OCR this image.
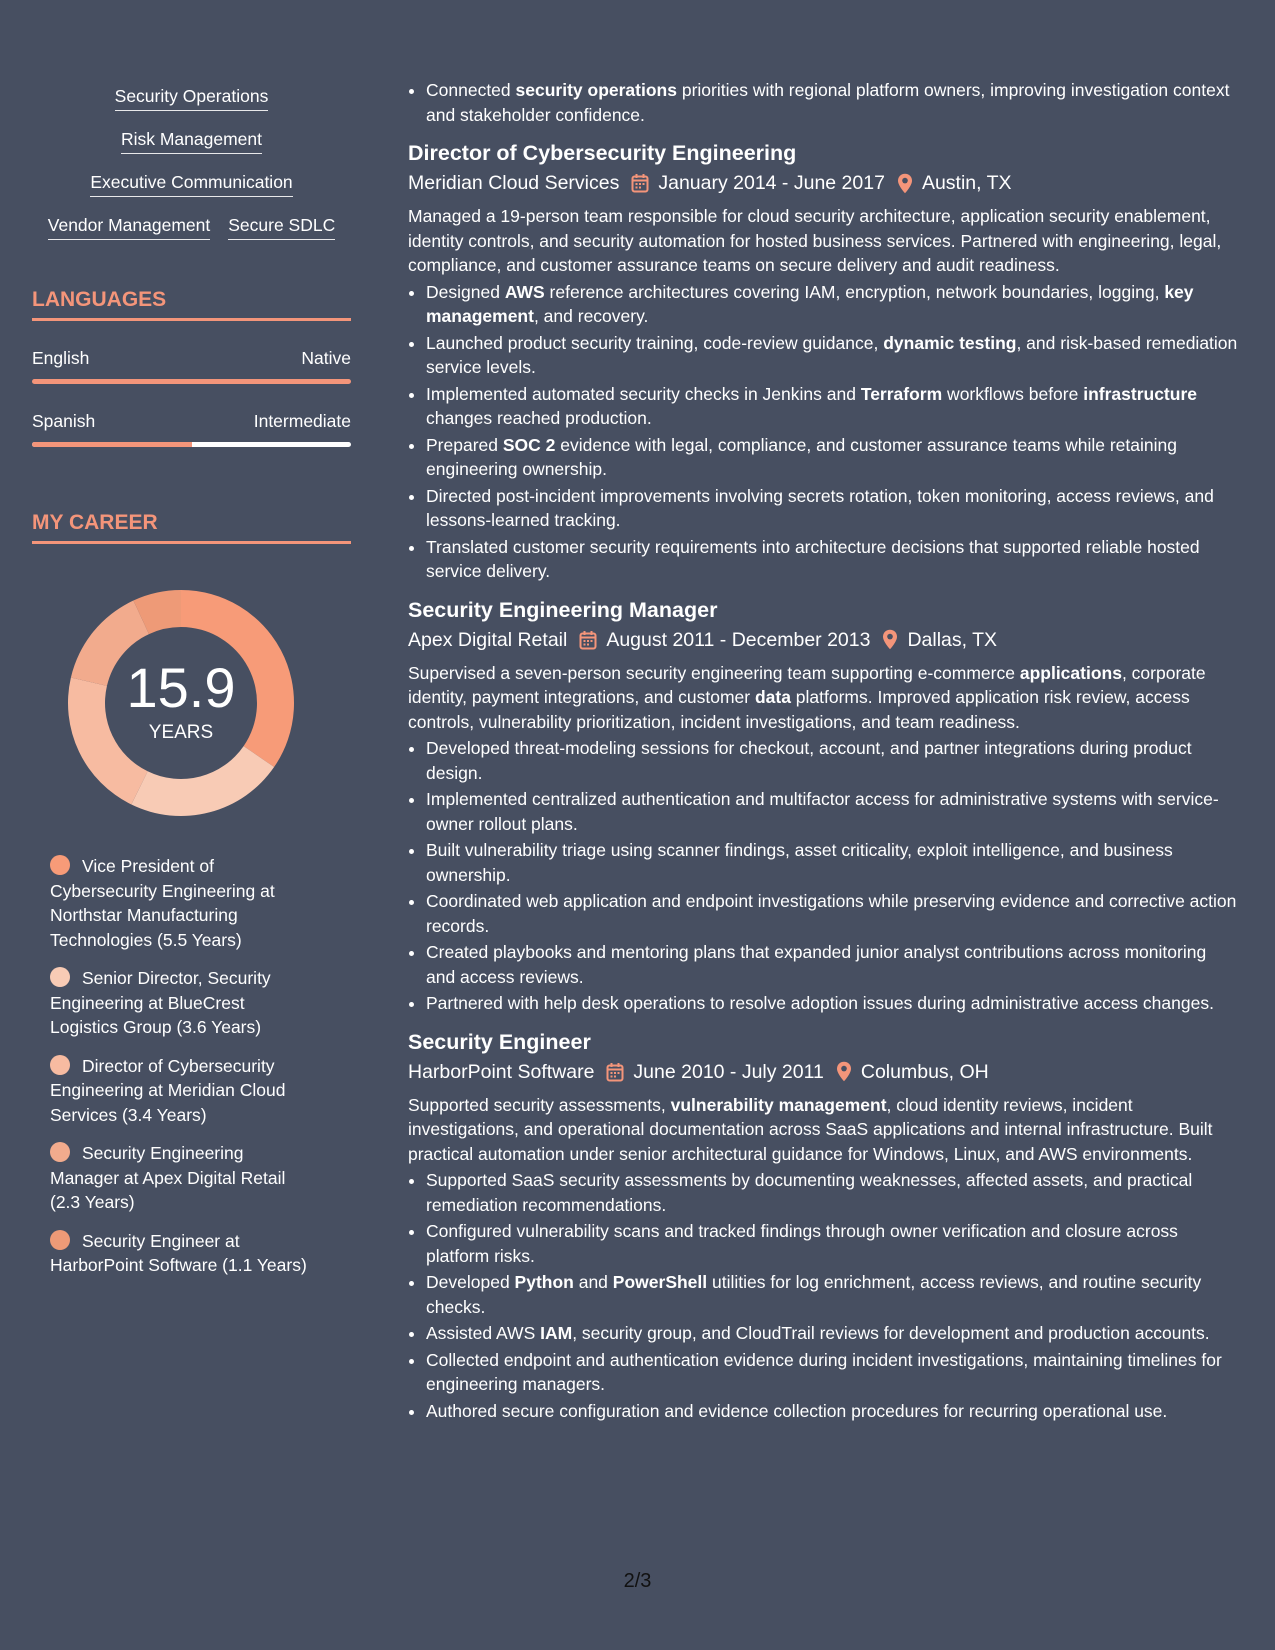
Security Operations
Risk Management
Executive Communication
Vendor Management Secure SDLC
LANGUAGES
English	Native
Spanish	Intermediate
MY CAREER
15.9
YEARS
Vice President of Cybersecurity Engineering at Northstar Manufacturing Technologies (5.5 Years)
Senior Director, Security Engineering at BlueCrest Logistics Group (3.6 Years)
Director of Cybersecurity Engineering at Meridian Cloud Services (3.4 Years)
Security Engineering Manager at Apex Digital Retail (2.3 Years)
Security Engineer at HarborPoint Software (1.1 Years)
• Connected security operations priorities with regional platform owners, improving investigation context and stakeholder confidence.
Director of Cybersecurity Engineering
Meridian Cloud Services January 2014 - June 2017 Austin, TX

Managed a 19-person team responsible for cloud security architecture, application security enablement, identity controls, and security automation for hosted business services. Partnered with engineering, legal, compliance, and customer assurance teams on secure delivery and audit readiness.

• Designed AWS reference architectures covering IAM, encryption, network boundaries, logging, key management, and recovery.
• Launched product security training, code-review guidance, dynamic testing, and risk-based remediation service levels.
• Implemented automated security checks in Jenkins and Terraform workflows before infrastructure changes reached production.
• Prepared SOC 2 evidence with legal, compliance, and customer assurance teams while retaining engineering ownership.
• Directed post-incident improvements involving secrets rotation, token monitoring, access reviews, and lessons-learned tracking.
• Translated customer security requirements into architecture decisions that supported reliable hosted service delivery.
Security Engineering Manager
Apex Digital Retail August 2011 - December 2013 Dallas, TX

Supervised a seven-person security engineering team supporting e-commerce applications, corporate identity, payment integrations, and customer data platforms. Improved application risk review, access controls, vulnerability prioritization, incident investigations, and team readiness.

• Developed threat-modeling sessions for checkout, account, and partner integrations during product design.
• Implemented centralized authentication and multifactor access for administrative systems with service-owner rollout plans.
• Built vulnerability triage using scanner findings, asset criticality, exploit intelligence, and business ownership.
• Coordinated web application and endpoint investigations while preserving evidence and corrective action records.
• Created playbooks and mentoring plans that expanded junior analyst contributions across monitoring and access reviews.
• Partnered with help desk operations to resolve adoption issues during administrative access changes.
Security Engineer
HarborPoint Software June 2010 - July 2011 Columbus, OH

Supported security assessments, vulnerability management, cloud identity reviews, incident investigations, and operational documentation across SaaS applications and internal infrastructure. Built practical automation under senior architectural guidance for Windows, Linux, and AWS environments.

• Supported SaaS security assessments by documenting weaknesses, affected assets, and practical remediation recommendations.
• Configured vulnerability scans and tracked findings through owner verification and closure across platform risks.
• Developed Python and PowerShell utilities for log enrichment, access reviews, and routine security checks.
• Assisted AWS IAM, security group, and CloudTrail reviews for development and production accounts.
• Collected endpoint and authentication evidence during incident investigations, maintaining timelines for engineering managers.
• Authored secure configuration and evidence collection procedures for recurring operational use.
2/3
